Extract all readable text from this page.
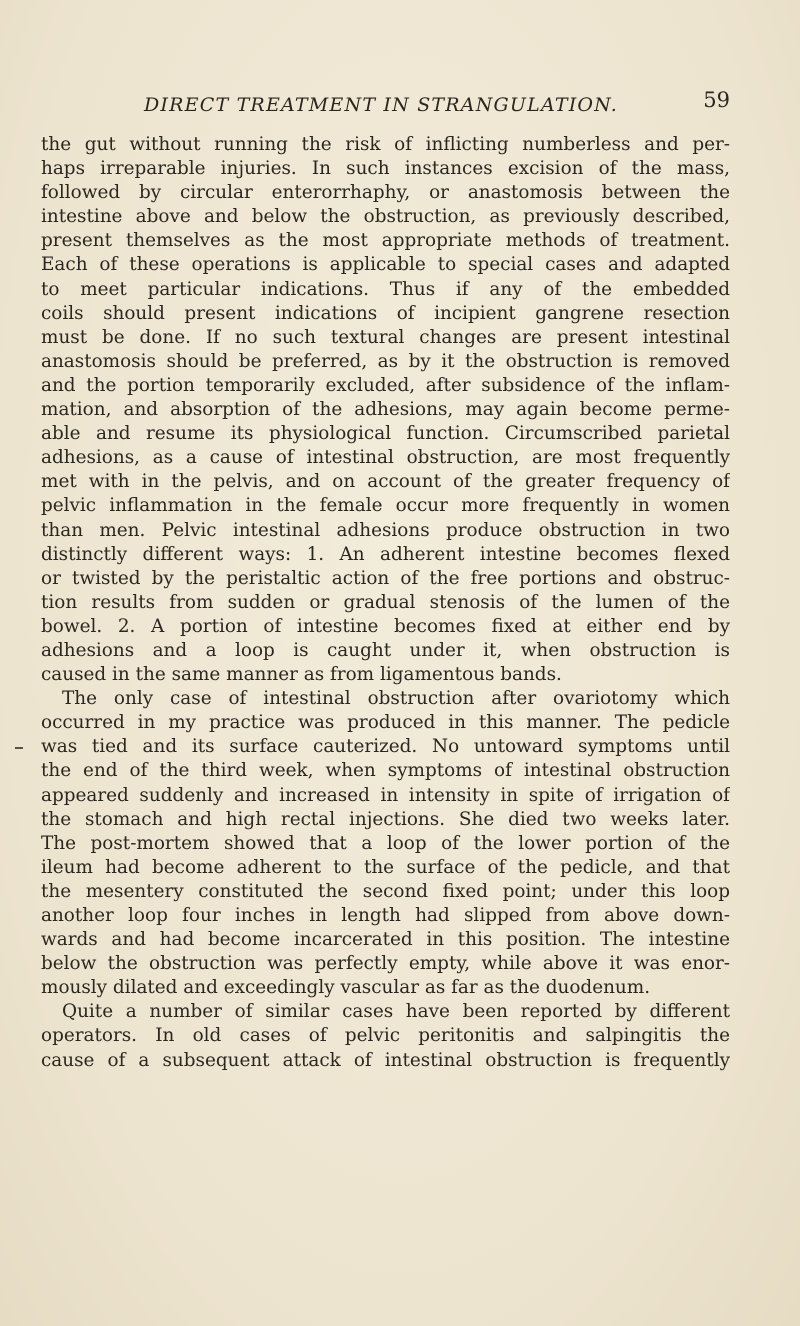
DIRECT TREATMENT IN STRANGULATION.	59
the gut without running the risk of inflicting numberless and per-
haps irreparable injuries. In such instances excision of the mass,
followed by circular enterorrhaphy, or anastomosis between the
intestine above and below the obstruction, as previously described,
present themselves as the most appropriate methods of treatment.
Each of these operations is applicable to special cases and adapted
to meet particular indications. Thus if any of the embedded
coils should present indications of incipient gangrene resection
must be done. If no such textural changes are present intestinal
anastomosis should be preferred, as by it the obstruction is removed
and the portion temporarily excluded, after subsidence of the inflam-
mation, and absorption of the adhesions, may again become perme-
able and resume its physiological function. Circumscribed parietal
adhesions, as a cause of intestinal obstruction, are most frequently
met with in the pelvis, and on account of the greater frequency of
pelvic inflammation in the female occur more frequently in women
than men. Pelvic intestinal adhesions produce obstruction in two
distinctly different ways: 1. An adherent intestine becomes flexed
or twisted by the peristaltic action of the free portions and obstruc-
tion results from sudden or gradual stenosis of the lumen of the
bowel. 2. A portion of intestine becomes fixed at either end by
adhesions and a loop is caught under it, when obstruction is
caused in the same manner as from ligamentous bands.
The only case of intestinal obstruction after ovariotomy which
occurred in my practice was produced in this manner. The pedicle
was tied and its surface cauterized. No untoward symptoms until
the end of the third week, when symptoms of intestinal obstruction
appeared suddenly and increased in intensity in spite of irrigation of
the stomach and high rectal injections. She died two weeks later.
The post-mortem showed that a loop of the lower portion of the
ileum had become adherent to the surface of the pedicle, and that
the mesentery constituted the second fixed point; under this loop
another loop four inches in length had slipped from above down-
wards and had become incarcerated in this position. The intestine
below the obstruction was perfectly empty, while above it was enor-
mously dilated and exceedingly vascular as far as the duodenum.
Quite a number of similar cases have been reported by different
operators. In old cases of pelvic peritonitis and salpingitis the
cause of a subsequent attack of intestinal obstruction is frequently
